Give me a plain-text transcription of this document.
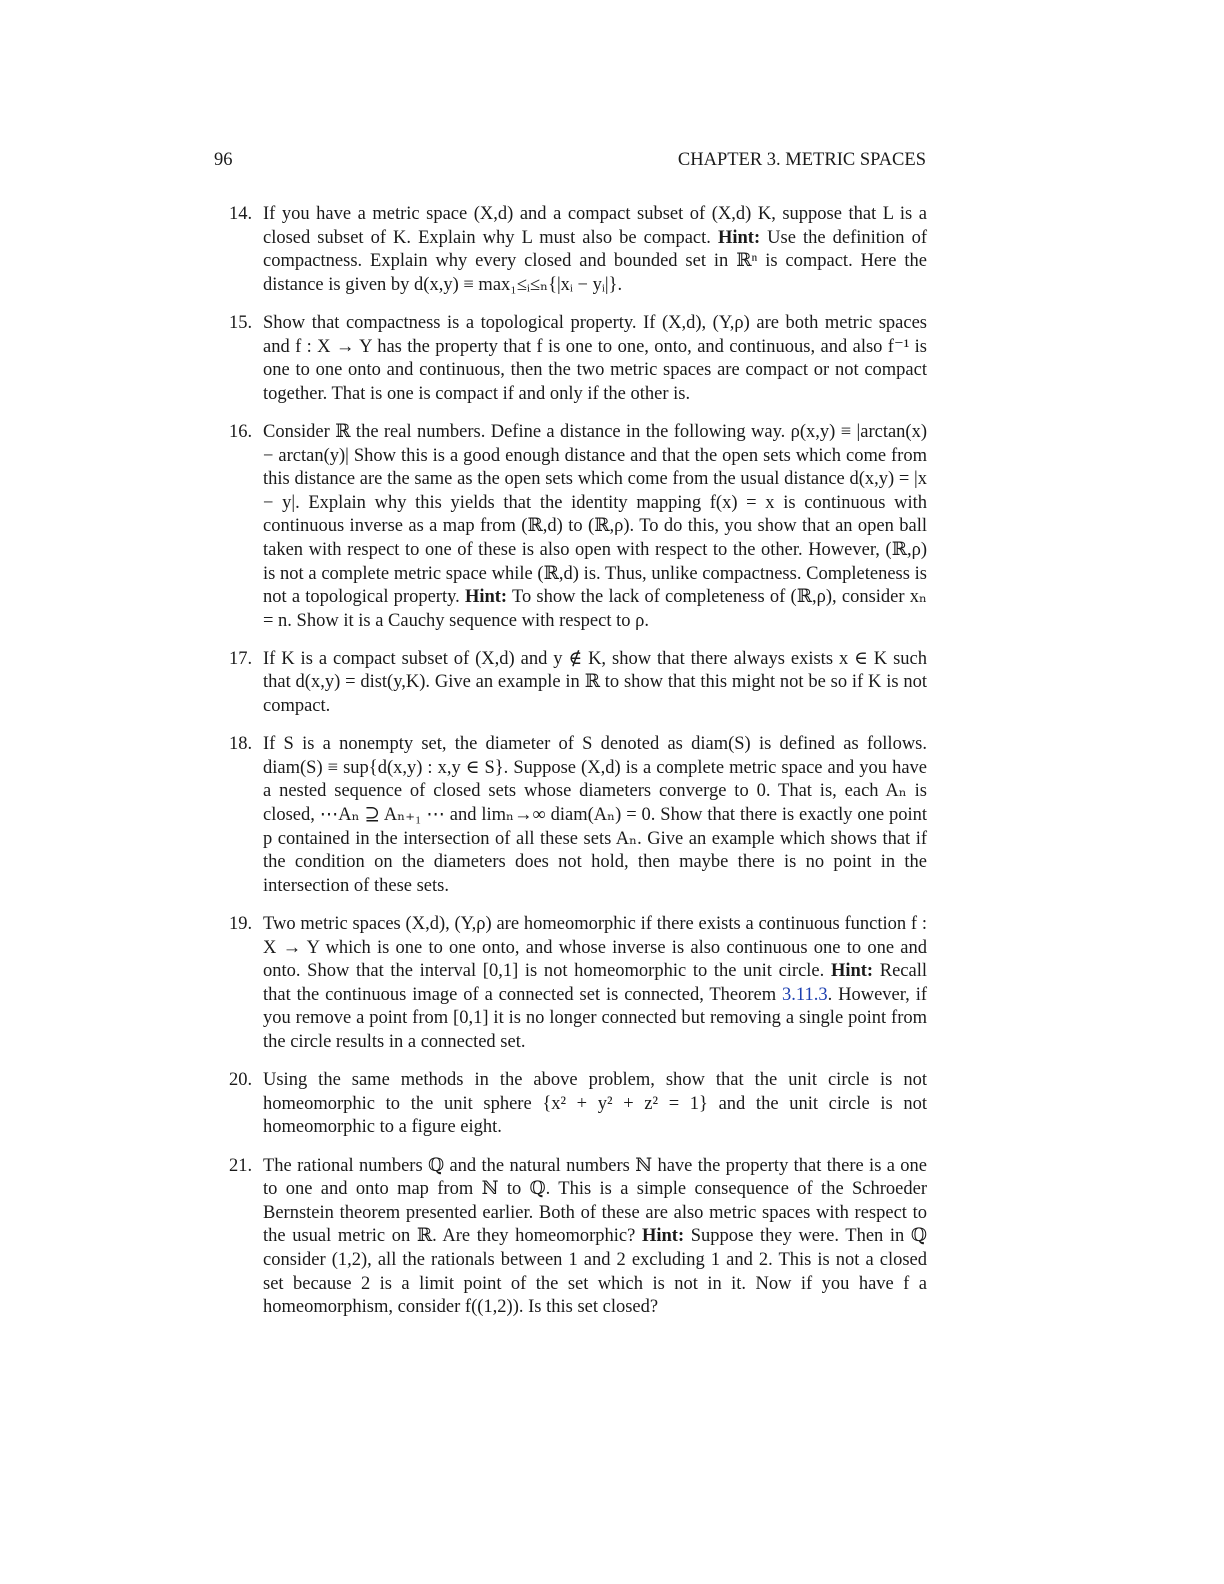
96	CHAPTER 3. METRIC SPACES
14. If you have a metric space (X,d) and a compact subset of (X,d) K, suppose that L is a closed subset of K. Explain why L must also be compact. Hint: Use the definition of compactness. Explain why every closed and bounded set in ℝⁿ is compact. Here the distance is given by d(x,y) ≡ max₁≤ᵢ≤ₙ{|xᵢ − yᵢ|}.
15. Show that compactness is a topological property. If (X,d), (Y,ρ) are both metric spaces and f : X → Y has the property that f is one to one, onto, and continuous, and also f⁻¹ is one to one onto and continuous, then the two metric spaces are compact or not compact together. That is one is compact if and only if the other is.
16. Consider ℝ the real numbers. Define a distance in the following way. ρ(x,y) ≡ |arctan(x) − arctan(y)| Show this is a good enough distance and that the open sets which come from this distance are the same as the open sets which come from the usual distance d(x,y) = |x − y|. Explain why this yields that the identity mapping f(x) = x is continuous with continuous inverse as a map from (ℝ,d) to (ℝ,ρ). To do this, you show that an open ball taken with respect to one of these is also open with respect to the other. However, (ℝ,ρ) is not a complete metric space while (ℝ,d) is. Thus, unlike compactness. Completeness is not a topological property. Hint: To show the lack of completeness of (ℝ,ρ), consider xₙ = n. Show it is a Cauchy sequence with respect to ρ.
17. If K is a compact subset of (X,d) and y ∉ K, show that there always exists x ∈ K such that d(x,y) = dist(y,K). Give an example in ℝ to show that this might not be so if K is not compact.
18. If S is a nonempty set, the diameter of S denoted as diam(S) is defined as follows. diam(S) ≡ sup{d(x,y) : x,y ∈ S}. Suppose (X,d) is a complete metric space and you have a nested sequence of closed sets whose diameters converge to 0. That is, each Aₙ is closed, ⋯Aₙ ⊇ Aₙ₊₁ ⋯ and limₙ→∞ diam(Aₙ) = 0. Show that there is exactly one point p contained in the intersection of all these sets Aₙ. Give an example which shows that if the condition on the diameters does not hold, then maybe there is no point in the intersection of these sets.
19. Two metric spaces (X,d), (Y,ρ) are homeomorphic if there exists a continuous function f : X → Y which is one to one onto, and whose inverse is also continuous one to one and onto. Show that the interval [0,1] is not homeomorphic to the unit circle. Hint: Recall that the continuous image of a connected set is connected, Theorem 3.11.3. However, if you remove a point from [0,1] it is no longer connected but removing a single point from the circle results in a connected set.
20. Using the same methods in the above problem, show that the unit circle is not homeomorphic to the unit sphere {x² + y² + z² = 1} and the unit circle is not homeomorphic to a figure eight.
21. The rational numbers ℚ and the natural numbers ℕ have the property that there is a one to one and onto map from ℕ to ℚ. This is a simple consequence of the Schroeder Bernstein theorem presented earlier. Both of these are also metric spaces with respect to the usual metric on ℝ. Are they homeomorphic? Hint: Suppose they were. Then in ℚ consider (1,2), all the rationals between 1 and 2 excluding 1 and 2. This is not a closed set because 2 is a limit point of the set which is not in it. Now if you have f a homeomorphism, consider f((1,2)). Is this set closed?
